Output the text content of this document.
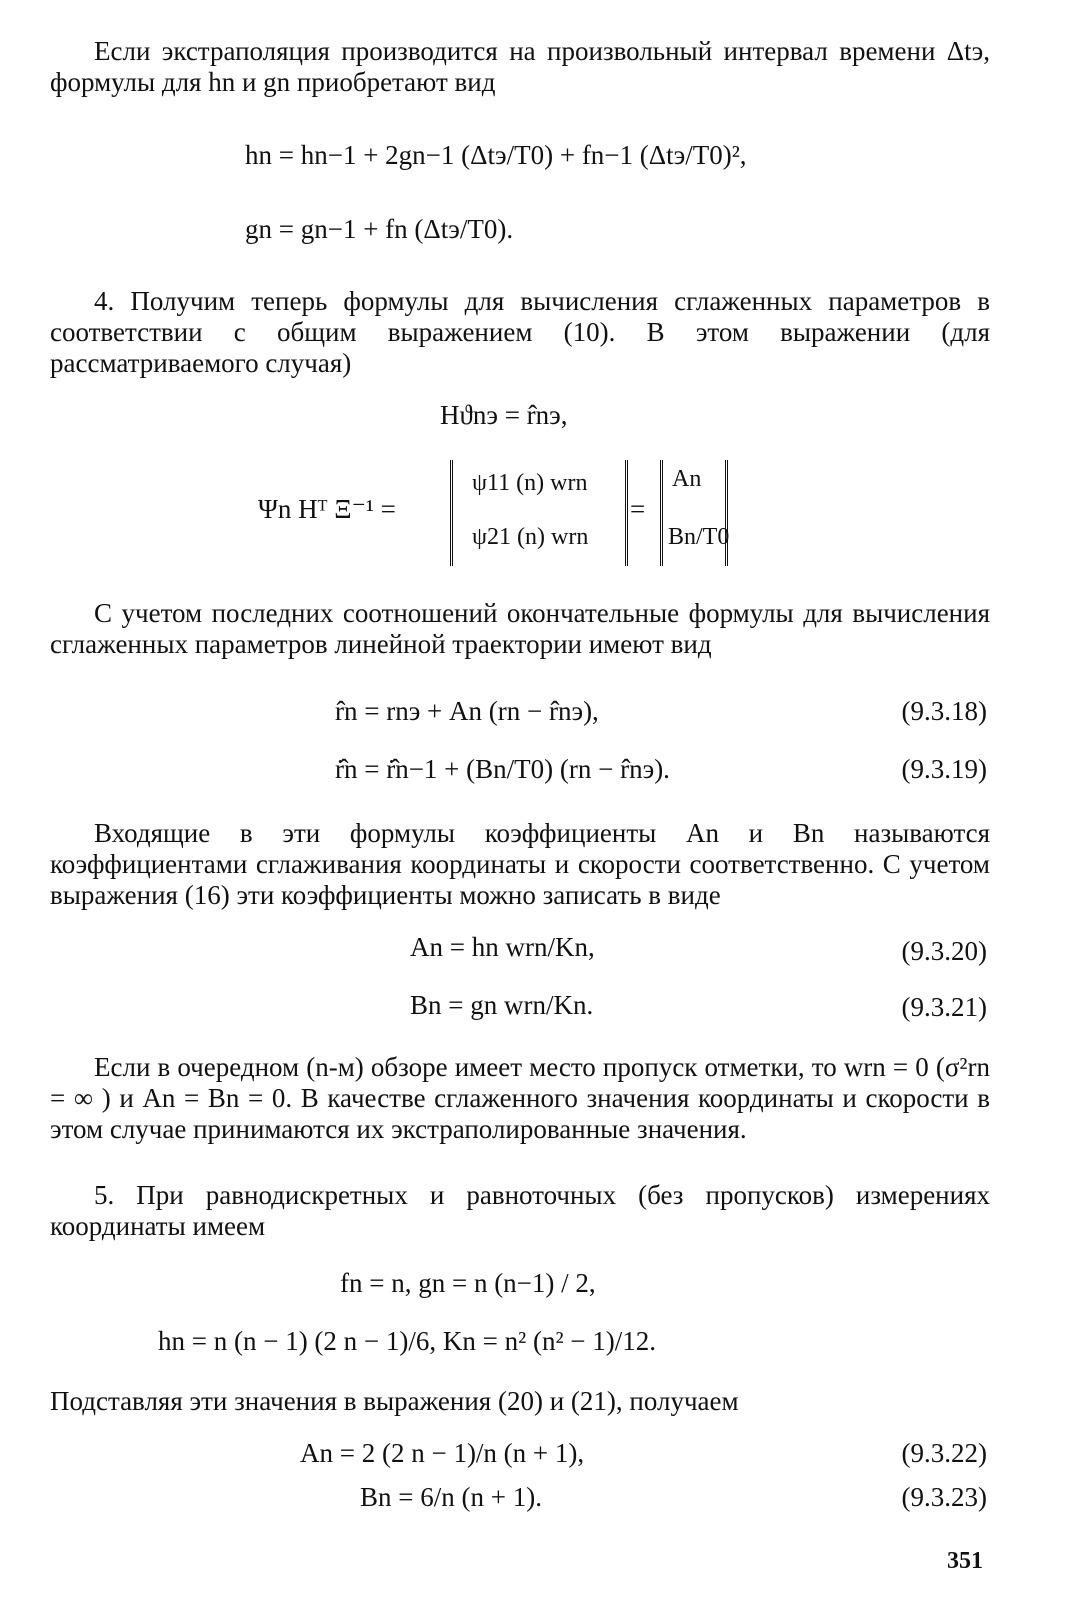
Если экстраполяция производится на произвольный интервал времени Δtэ, формулы для hn и gn приобретают вид

hn = hn−1 + 2gn−1 (Δtэ/T0) + fn−1 (Δtэ/T0)²,
gn = gn−1 + fn (Δtэ/T0).

4. Получим теперь формулы для вычисления сглаженных параметров в соответствии с общим выражением (10). В этом выражении (для рассматриваемого случая)

Hϑnэ = r̂nэ,
Ψn Hᵀ Ξ⁻¹ =
ψ11 (n) wrn
ψ21 (n) wrn
=
An
Bn/T0

С учетом последних соотношений окончательные формулы для вычисления сглаженных параметров линейной траектории имеют вид

r̂n = rnэ + An (rn − r̂nэ),	(9.3.18)
ṙ̂n = ṙ̂n−1 + (Bn/T0) (rn − r̂nэ).	(9.3.19)

Входящие в эти формулы коэффициенты An и Bn называются коэффициентами сглаживания координаты и скорости соответственно. С учетом выражения (16) эти коэффициенты можно записать в виде

An = hn wrn/Kn,	(9.3.20)
Bn = gn wrn/Kn.	(9.3.21)

Если в очередном (n-м) обзоре имеет место пропуск отметки, то wrn = 0 (σ²rn = ∞ ) и An = Bn = 0. В качестве сглаженного значения координаты и скорости в этом случае принимаются их экстраполированные значения.

5. При равнодискретных и равноточных (без пропусков) измерениях координаты имеем

fn = n, gn = n (n−1) / 2,
hn = n (n − 1) (2 n − 1)/6, Kn = n² (n² − 1)/12.

Подставляя эти значения в выражения (20) и (21), получаем

An = 2 (2 n − 1)/n (n + 1),	(9.3.22)
Bn = 6/n (n + 1).	(9.3.23)
351
